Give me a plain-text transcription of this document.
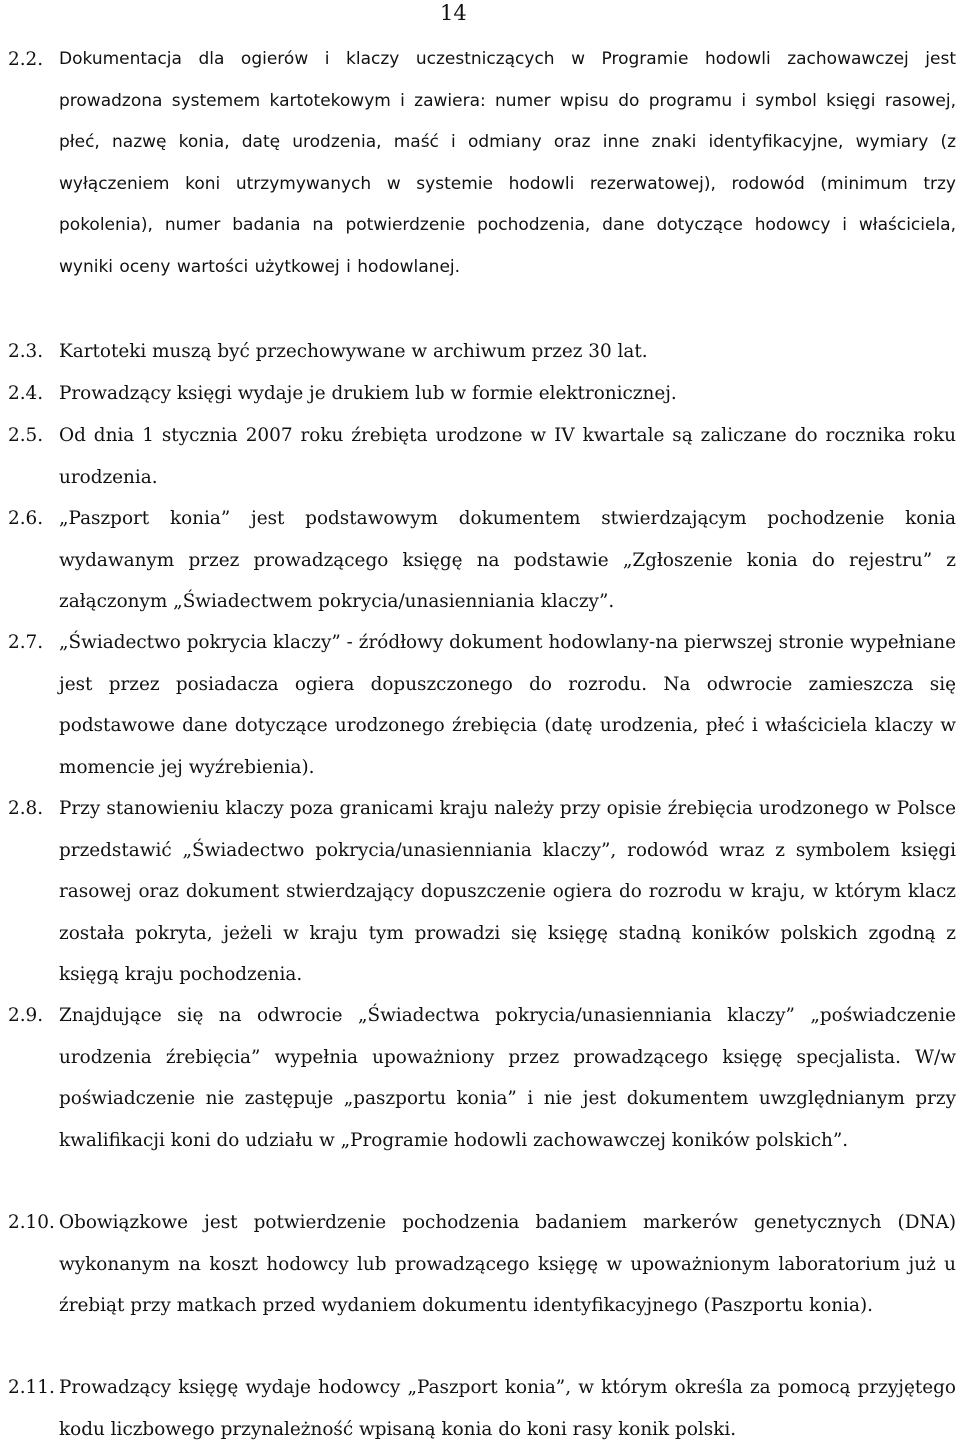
14
2.2. Dokumentacja dla ogierów i klaczy uczestniczących w Programie hodowli zachowawczej jest prowadzona systemem kartotekowym i zawiera: numer wpisu do programu i symbol księgi rasowej, płeć, nazwę konia, datę urodzenia, maść i odmiany oraz inne znaki identyfikacyjne, wymiary (z wyłączeniem koni utrzymywanych w systemie hodowli rezerwatowej), rodowód (minimum trzy pokolenia), numer badania na potwierdzenie pochodzenia, dane dotyczące hodowcy i właściciela, wyniki oceny wartości użytkowej i hodowlanej.
2.3. Kartoteki muszą być przechowywane w archiwum przez 30 lat.
2.4. Prowadzący księgi wydaje je drukiem lub w formie elektronicznej.
2.5. Od dnia 1 stycznia 2007 roku źrebięta urodzone w IV kwartale są zaliczane do rocznika roku urodzenia.
2.6. „Paszport konia” jest podstawowym dokumentem stwierdzającym pochodzenie konia wydawanym przez prowadzącego księgę na podstawie „Zgłoszenie konia do rejestru” z załączonym „Świadectwem pokrycia/unasienniania klaczy”.
2.7. „Świadectwo pokrycia klaczy” - źródłowy dokument hodowlany-na pierwszej stronie wypełniane jest przez posiadacza ogiera dopuszczonego do rozrodu. Na odwrocie zamieszcza się podstawowe dane dotyczące urodzonego źrebięcia (datę urodzenia, płeć i właściciela klaczy w momencie jej wyźrebienia).
2.8. Przy stanowieniu klaczy poza granicami kraju należy przy opisie źrebięcia urodzonego w Polsce przedstawić „Świadectwo pokrycia/unasienniania klaczy”, rodowód wraz z symbolem księgi rasowej oraz dokument stwierdzający dopuszczenie ogiera do rozrodu w kraju, w którym klacz została pokryta, jeżeli w kraju tym prowadzi się księgę stadną koników polskich zgodną z księgą kraju pochodzenia.
2.9. Znajdujące się na odwrocie „Świadectwa pokrycia/unasienniania klaczy” „poświadczenie urodzenia źrebięcia” wypełnia upoważniony przez prowadzącego księgę specjalista. W/w poświadczenie nie zastępuje „paszportu konia” i nie jest dokumentem uwzględnianym przy kwalifikacji koni do udziału w „Programie hodowli zachowawczej koników polskich”.
2.10. Obowiązkowe jest potwierdzenie pochodzenia badaniem markerów genetycznych (DNA) wykonanym na koszt hodowcy lub prowadzącego księgę w upoważnionym laboratorium już u źrebiąt przy matkach przed wydaniem dokumentu identyfikacyjnego (Paszportu konia).
2.11. Prowadzący księgę wydaje hodowcy „Paszport konia”, w którym określa za pomocą przyjętego kodu liczbowego przynależność wpisaną konia do koni rasy konik polski.
